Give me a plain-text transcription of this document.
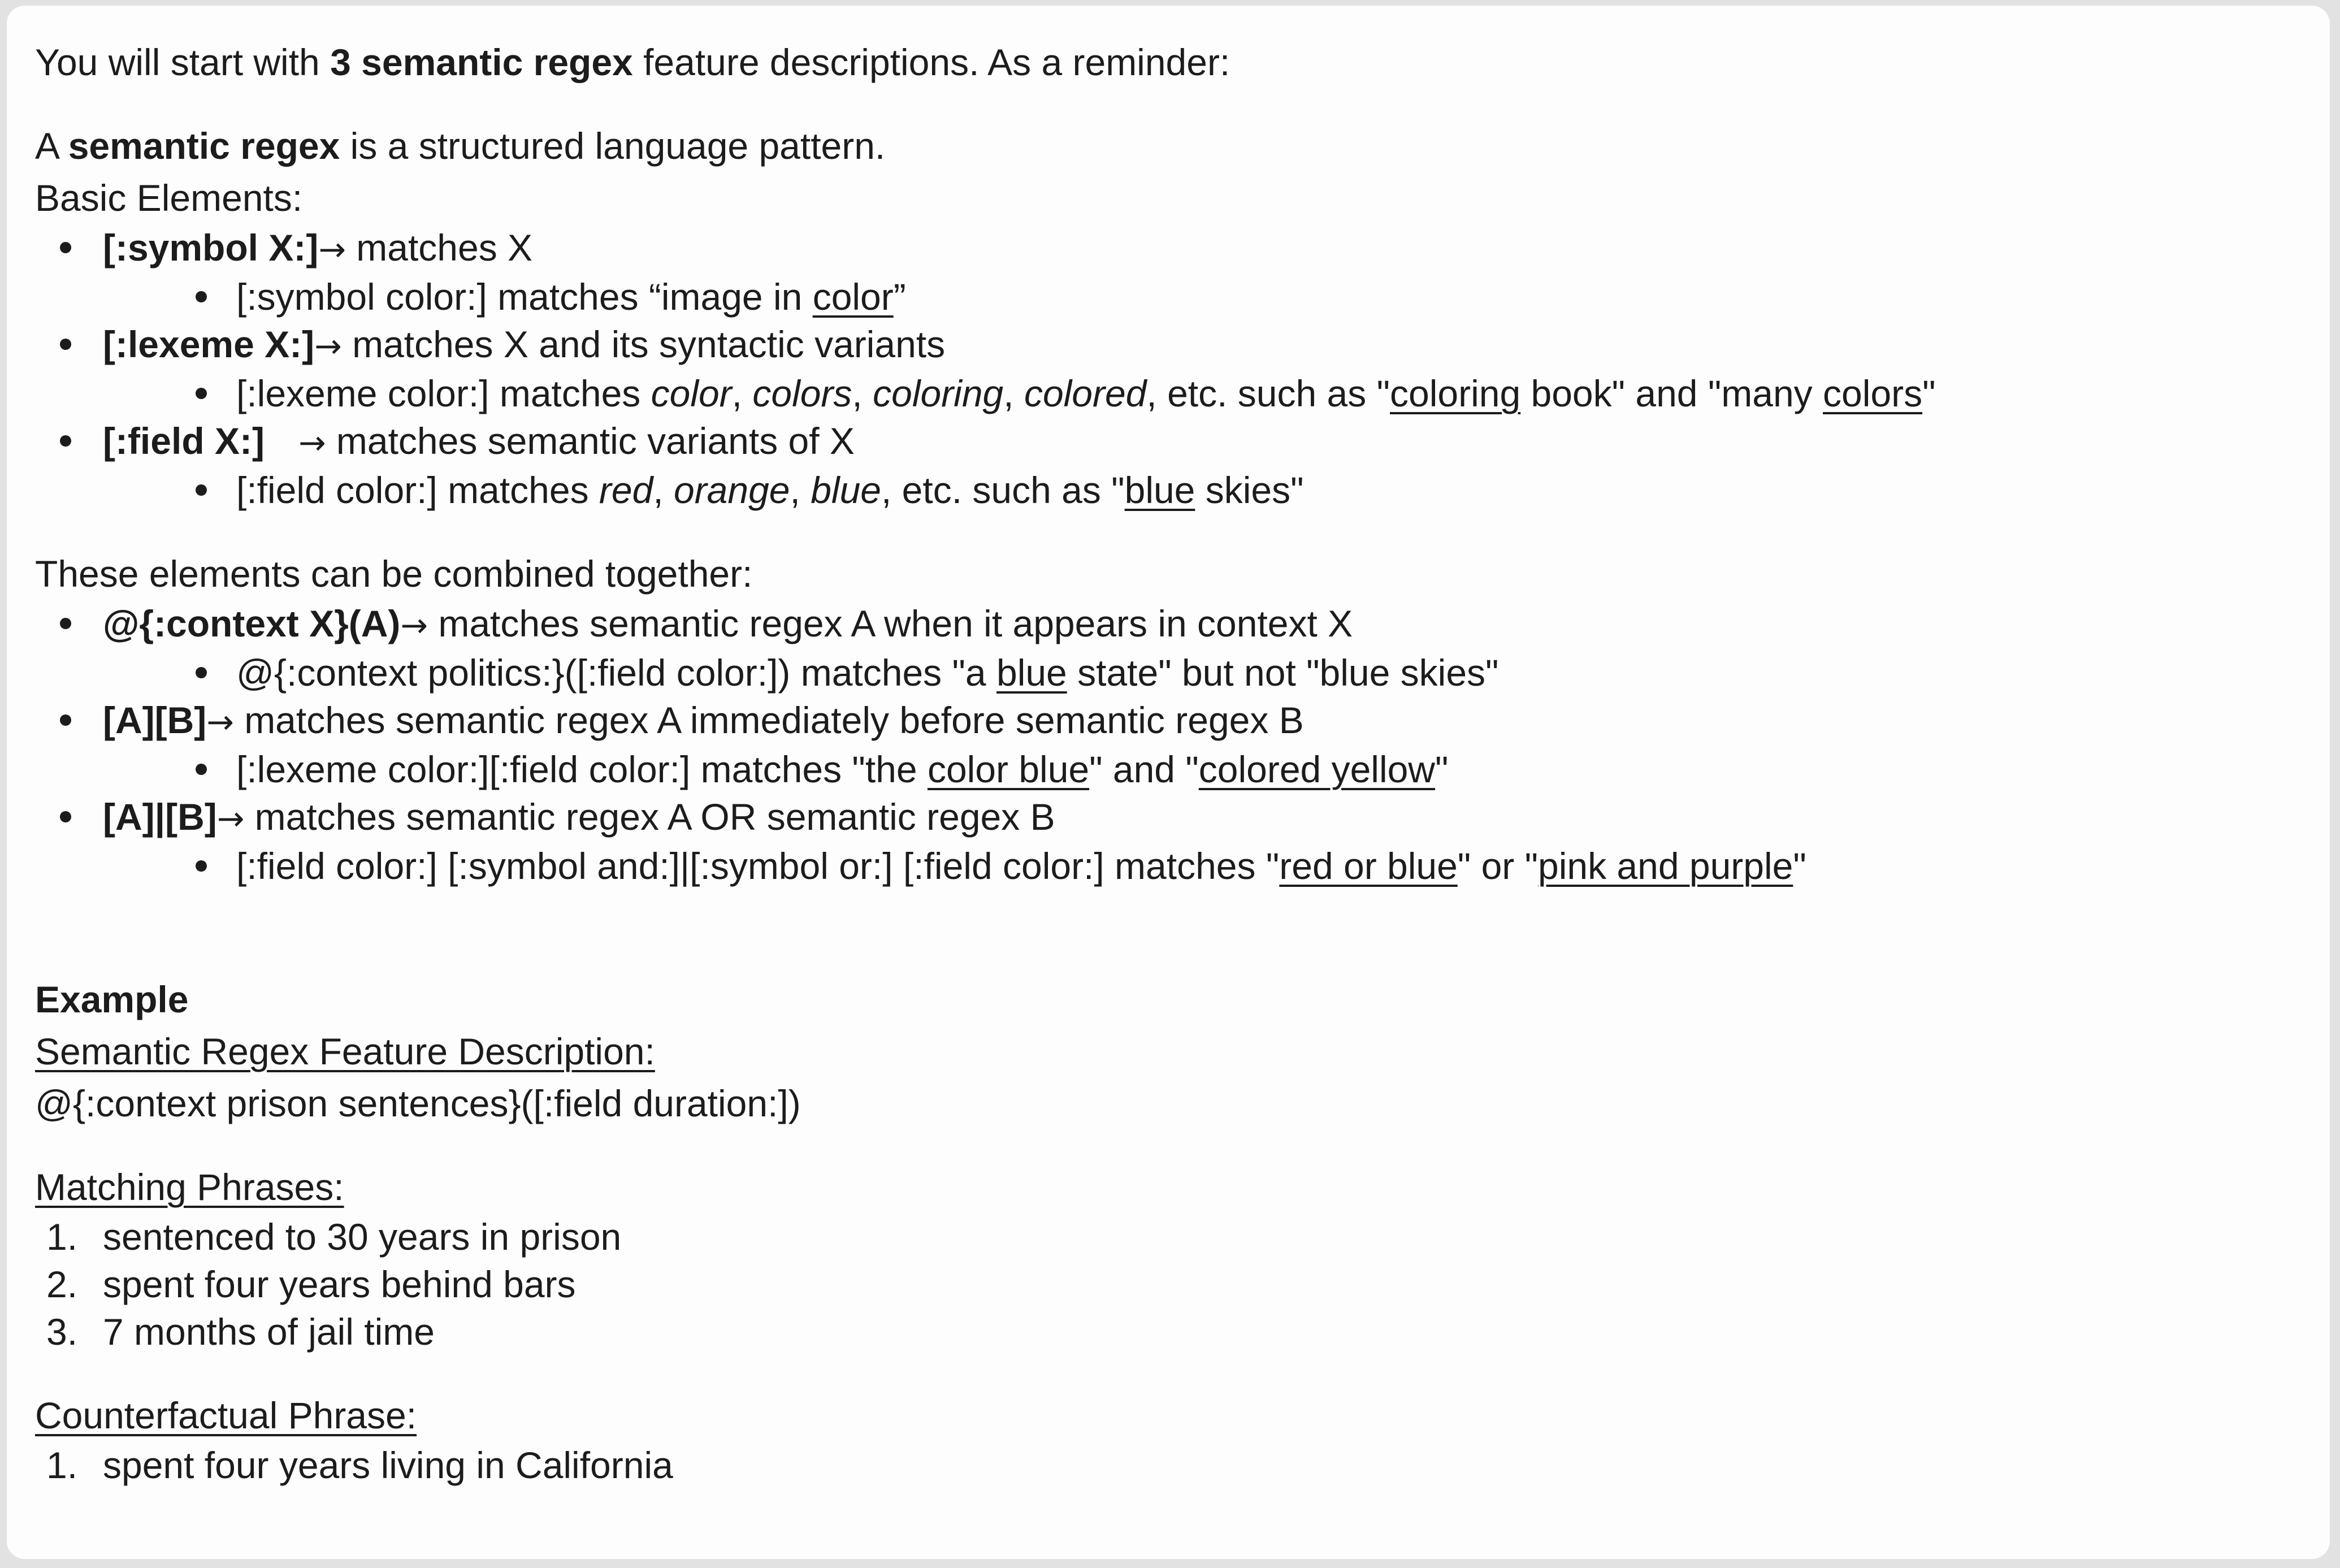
You will start with 3 semantic regex feature descriptions. As a reminder:

A semantic regex is a structured language pattern.

Basic Elements:

[:symbol X:]→ matches X
[:symbol color:] matches “image in color”
[:lexeme X:]→ matches X and its syntactic variants
[:lexeme color:] matches color, colors, coloring, colored, etc. such as "coloring book" and "many colors"
[:field X:] → matches semantic variants of X
[:field color:] matches red, orange, blue, etc. such as "blue skies"

These elements can be combined together:

@{:context X}(A)→ matches semantic regex A when it appears in context X
@{:context politics:}([:field color:]) matches "a blue state" but not "blue skies"
[A][B]→ matches semantic regex A immediately before semantic regex B
[:lexeme color:][:field color:] matches "the color blue" and "colored yellow"
[A]|[B]→ matches semantic regex A OR semantic regex B
[:field color:] [:symbol and:]|[:symbol or:] [:field color:] matches "red or blue" or "pink and purple"

Example

Semantic Regex Feature Description:

@{:context prison sentences}([:field duration:])

Matching Phrases:

1. sentenced to 30 years in prison
2. spent four years behind bars
3. 7 months of jail time

Counterfactual Phrase:

1. spent four years living in California
